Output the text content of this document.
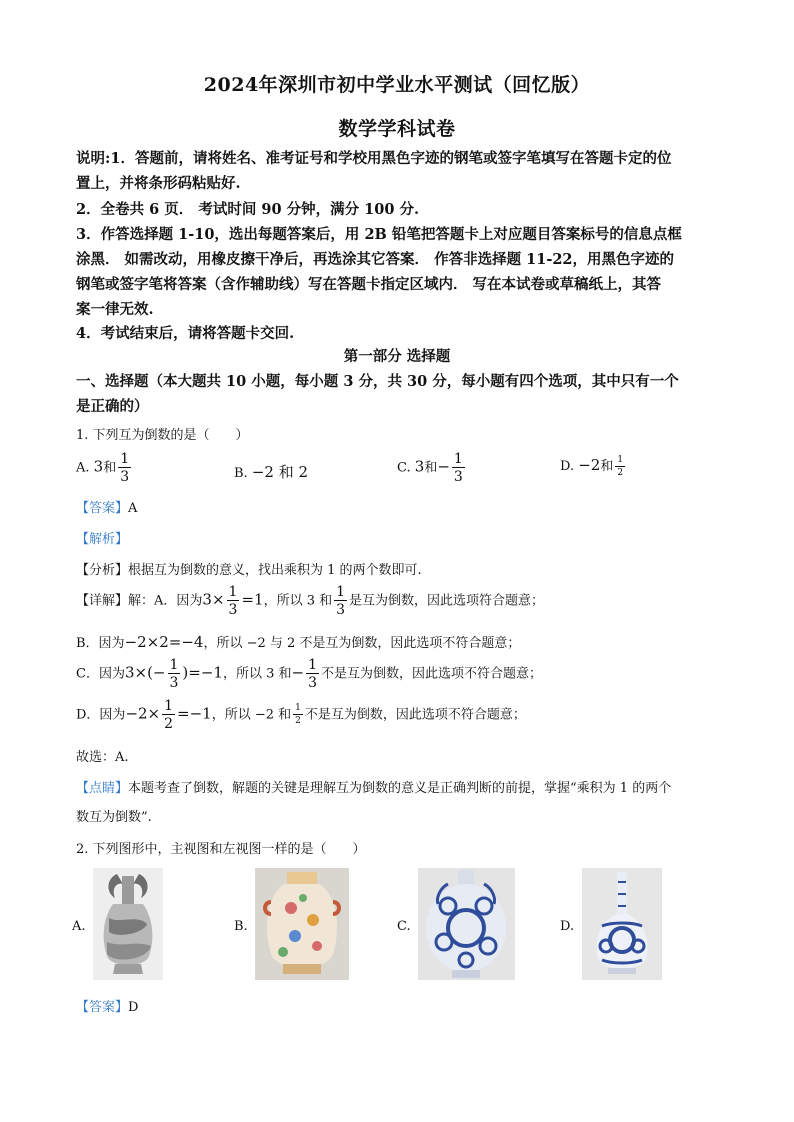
2024年深圳市初中学业水平测试（回忆版）
数学学科试卷
说明:1．答题前，请将姓名、准考证号和学校用黑色字迹的钢笔或签字笔填写在答题卡定的位
置上，并将条形码粘贴好.
2．全卷共 6 页． 考试时间 90 分钟，满分 100 分.
3．作答选择题 1-10，选出每题答案后，用 2B 铅笔把答题卡上对应题目答案标号的信息点框
涂黑． 如需改动，用橡皮擦干净后，再选涂其它答案． 作答非选择题 11-22，用黑色字迹的
钢笔或签字笔将答案（含作辅助线）写在答题卡指定区域内． 写在本试卷或草稿纸上，其答
案一律无效.
4．考试结束后，请将答题卡交回.
第一部分 选择题
一、选择题（本大题共 10 小题，每小题 3 分，共 30 分，每小题有四个选项，其中只有一个
是正确的）
1. 下列互为倒数的是（　　）
A. 3和 $\frac{1}{3}$	B. −2 和 2	C. 3和− $\frac{1}{3}$	D. −2和 $\frac{1}{2}$
【答案】A
【解析】
【分析】根据互为倒数的意义，找出乘积为 1 的两个数即可.
【详解】解：A．因为$3\times \frac{1}{3} =1$，所以 3 和 $\frac{1}{3}$ 是互为倒数，因此选项符合题意；
B．因为−2×2=−4，所以 −2 与 2 不是互为倒数，因此选项不符合题意；
C．因为$3\times(- \frac{1}{3} )=-1$，所以 3 和− $\frac{1}{3}$ 不是互为倒数，因此选项不符合题意；
D．因为$-2\times \frac{1}{2} =-1$，所以 −2 和 $\frac{1}{2}$ 不是互为倒数，因此选项不符合题意；
故选：A.
【点睛】本题考查了倒数，解题的关键是理解互为倒数的意义是正确判断的前提，掌握“乘积为 1 的两个
数互为倒数”.
2. 下列图形中，主视图和左视图一样的是（　　）
A.	B.	C.	D.
【答案】D
